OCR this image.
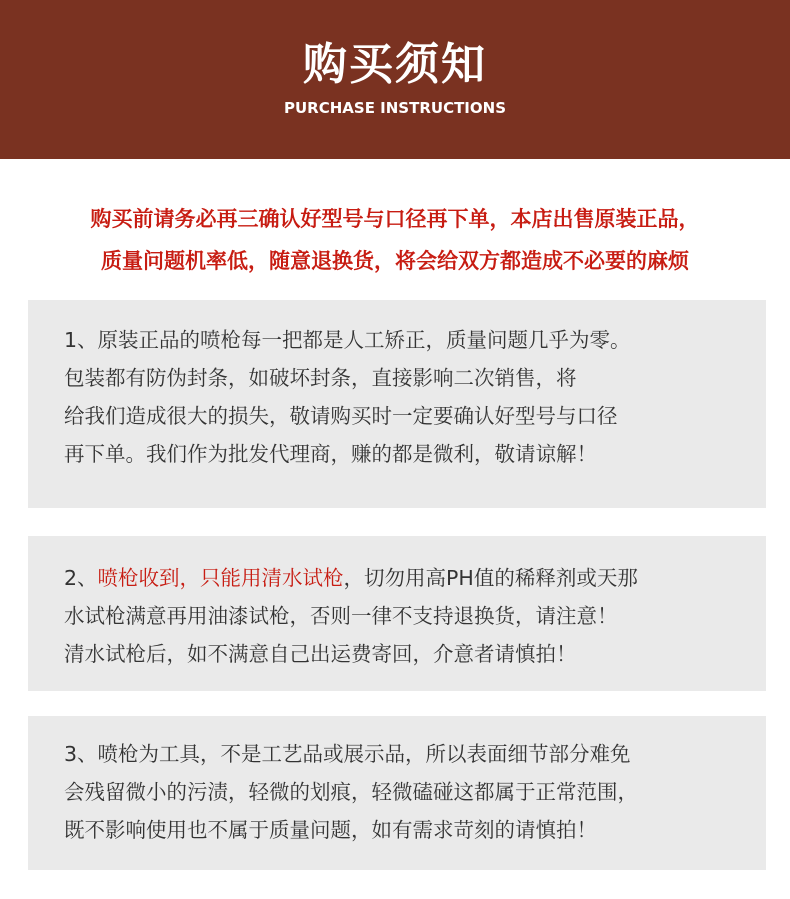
购买须知
PURCHASE INSTRUCTIONS
购买前请务必再三确认好型号与口径再下单，本店出售原装正品，
质量问题机率低，随意退换货，将会给双方都造成不必要的麻烦

1、原装正品的喷枪每一把都是人工矫正，质量问题几乎为零。

包装都有防伪封条，如破坏封条，直接影响二次销售，将

给我们造成很大的损失，敬请购买时一定要确认好型号与口径

再下单。我们作为批发代理商，赚的都是微利，敬请谅解！

2、喷枪收到，只能用清水试枪，切勿用高PH值的稀释剂或天那

水试枪满意再用油漆试枪，否则一律不支持退换货，请注意！

清水试枪后，如不满意自己出运费寄回，介意者请慎拍！

3、喷枪为工具，不是工艺品或展示品，所以表面细节部分难免

会残留微小的污渍，轻微的划痕，轻微磕碰这都属于正常范围，

既不影响使用也不属于质量问题，如有需求苛刻的请慎拍！
